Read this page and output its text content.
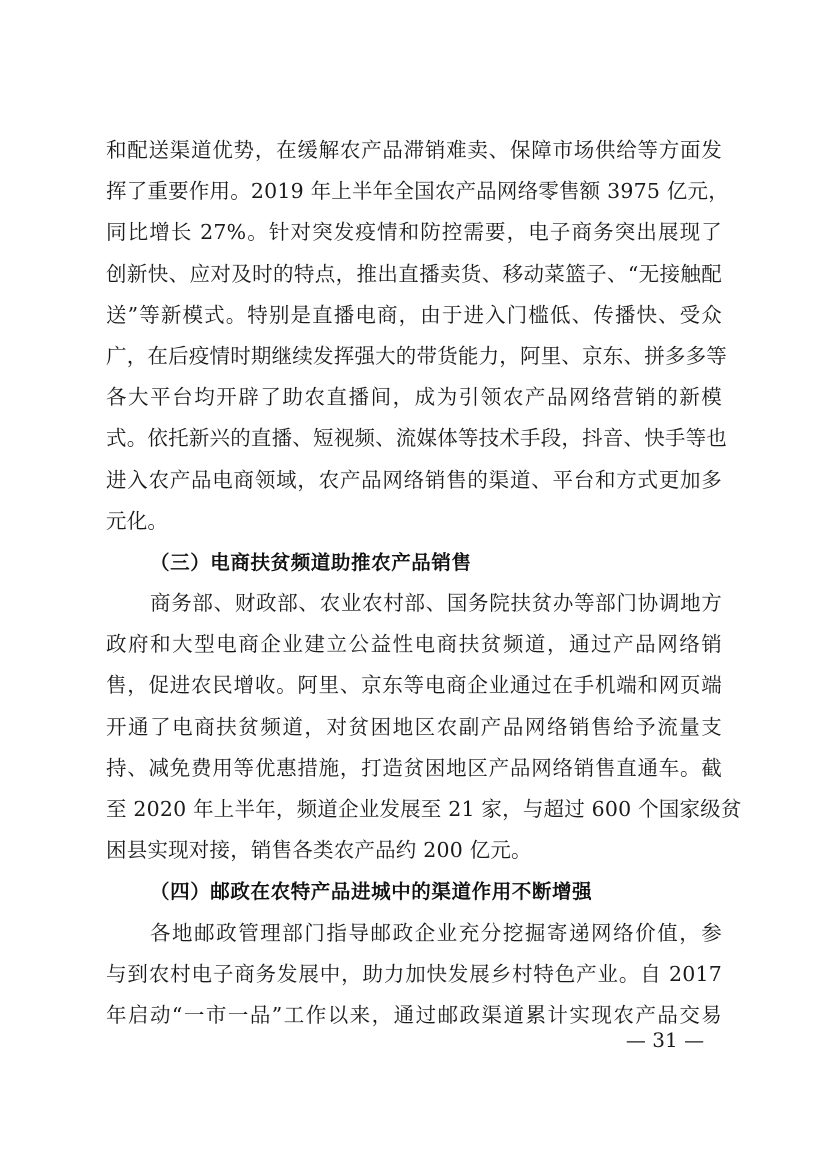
和配送渠道优势，在缓解农产品滞销难卖、保障市场供给等方面发
挥了重要作用。2019 年上半年全国农产品网络零售额 3975 亿元，
同比增长 27%。针对突发疫情和防控需要，电子商务突出展现了
创新快、应对及时的特点，推出直播卖货、移动菜篮子、“无接触配
送”等新模式。特别是直播电商，由于进入门槛低、传播快、受众
广，在后疫情时期继续发挥强大的带货能力，阿里、京东、拼多多等
各大平台均开辟了助农直播间，成为引领农产品网络营销的新模
式。依托新兴的直播、短视频、流媒体等技术手段，抖音、快手等也
进入农产品电商领域，农产品网络销售的渠道、平台和方式更加多
元化。
（三）电商扶贫频道助推农产品销售
商务部、财政部、农业农村部、国务院扶贫办等部门协调地方
政府和大型电商企业建立公益性电商扶贫频道，通过产品网络销
售，促进农民增收。阿里、京东等电商企业通过在手机端和网页端
开通了电商扶贫频道，对贫困地区农副产品网络销售给予流量支
持、减免费用等优惠措施，打造贫困地区产品网络销售直通车。截
至 2020 年上半年，频道企业发展至 21 家，与超过 600 个国家级贫
困县实现对接，销售各类农产品约 200 亿元。
（四）邮政在农特产品进城中的渠道作用不断增强
各地邮政管理部门指导邮政企业充分挖掘寄递网络价值，参
与到农村电子商务发展中，助力加快发展乡村特色产业。自 2017
年启动“一市一品”工作以来，通过邮政渠道累计实现农产品交易
— 31 —
